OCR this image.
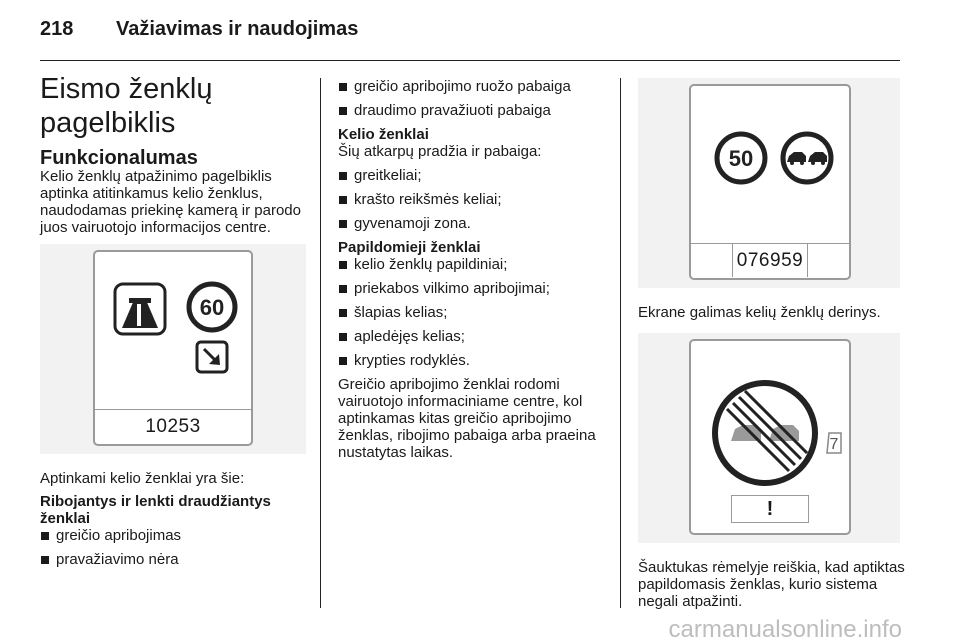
218 Važiavimas ir naudojimas
Eismo ženklų pagelbiklis
Funkcionalumas

Kelio ženklų atpažinimo pagelbiklis aptinka atitinkamus kelio ženklus, naudodamas priekinę kamerą ir parodo juos vairuotojo informacijos centre.

60
10253

Aptinkami kelio ženklai yra šie:

Ribojantys ir lenkti draudžiantys ženklai

greičio apribojimas
pravažiavimo nėra
greičio apribojimo ruožo pabaiga
draudimo pravažiuoti pabaiga

Kelio ženklai

Šių atkarpų pradžia ir pabaiga:

greitkeliai;
krašto reikšmės keliai;
gyvenamoji zona.

Papildomieji ženklai

kelio ženklų papildiniai;
priekabos vilkimo apribojimai;
šlapias kelias;
apledėjęs kelias;
krypties rodyklės.

Greičio apribojimo ženklai rodomi vairuotojo informaciniame centre, kol aptinkamas kitas greičio apribojimo ženklas, ribojimo pabaiga arba praeina nustatytas laikas.

50
076959

Ekrane galimas kelių ženklų derinys.

7
!

Šauktukas rėmelyje reiškia, kad aptiktas papildomasis ženklas, kurio sistema negali atpažinti.

carmanualsonline.info
